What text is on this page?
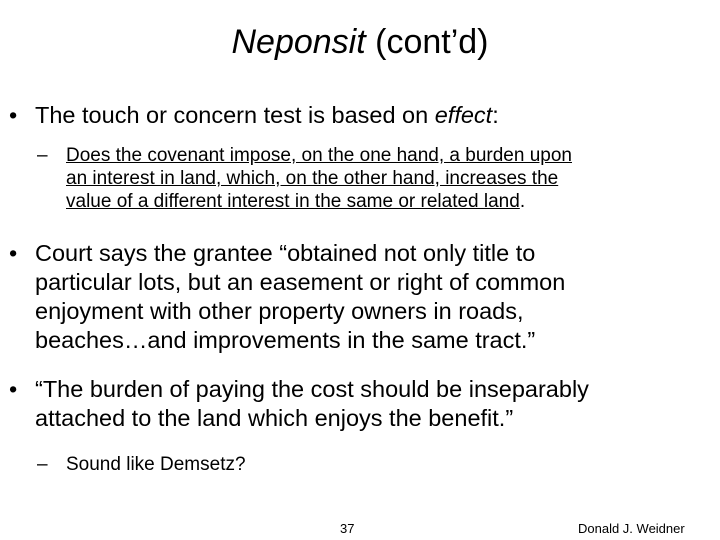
Neponsit (cont’d)
• The touch or concern test is based on effect:
– Does the covenant impose, on the one hand, a burden upon
an interest in land, which, on the other hand, increases the
value of a different interest in the same or related land.
• Court says the grantee “obtained not only title to
particular lots, but an easement or right of common
enjoyment with other property owners in roads,
beaches…and improvements in the same tract.”
• “The burden of paying the cost should be inseparably
attached to the land which enjoys the benefit.”
– Sound like Demsetz?
37	Donald J. Weidner
